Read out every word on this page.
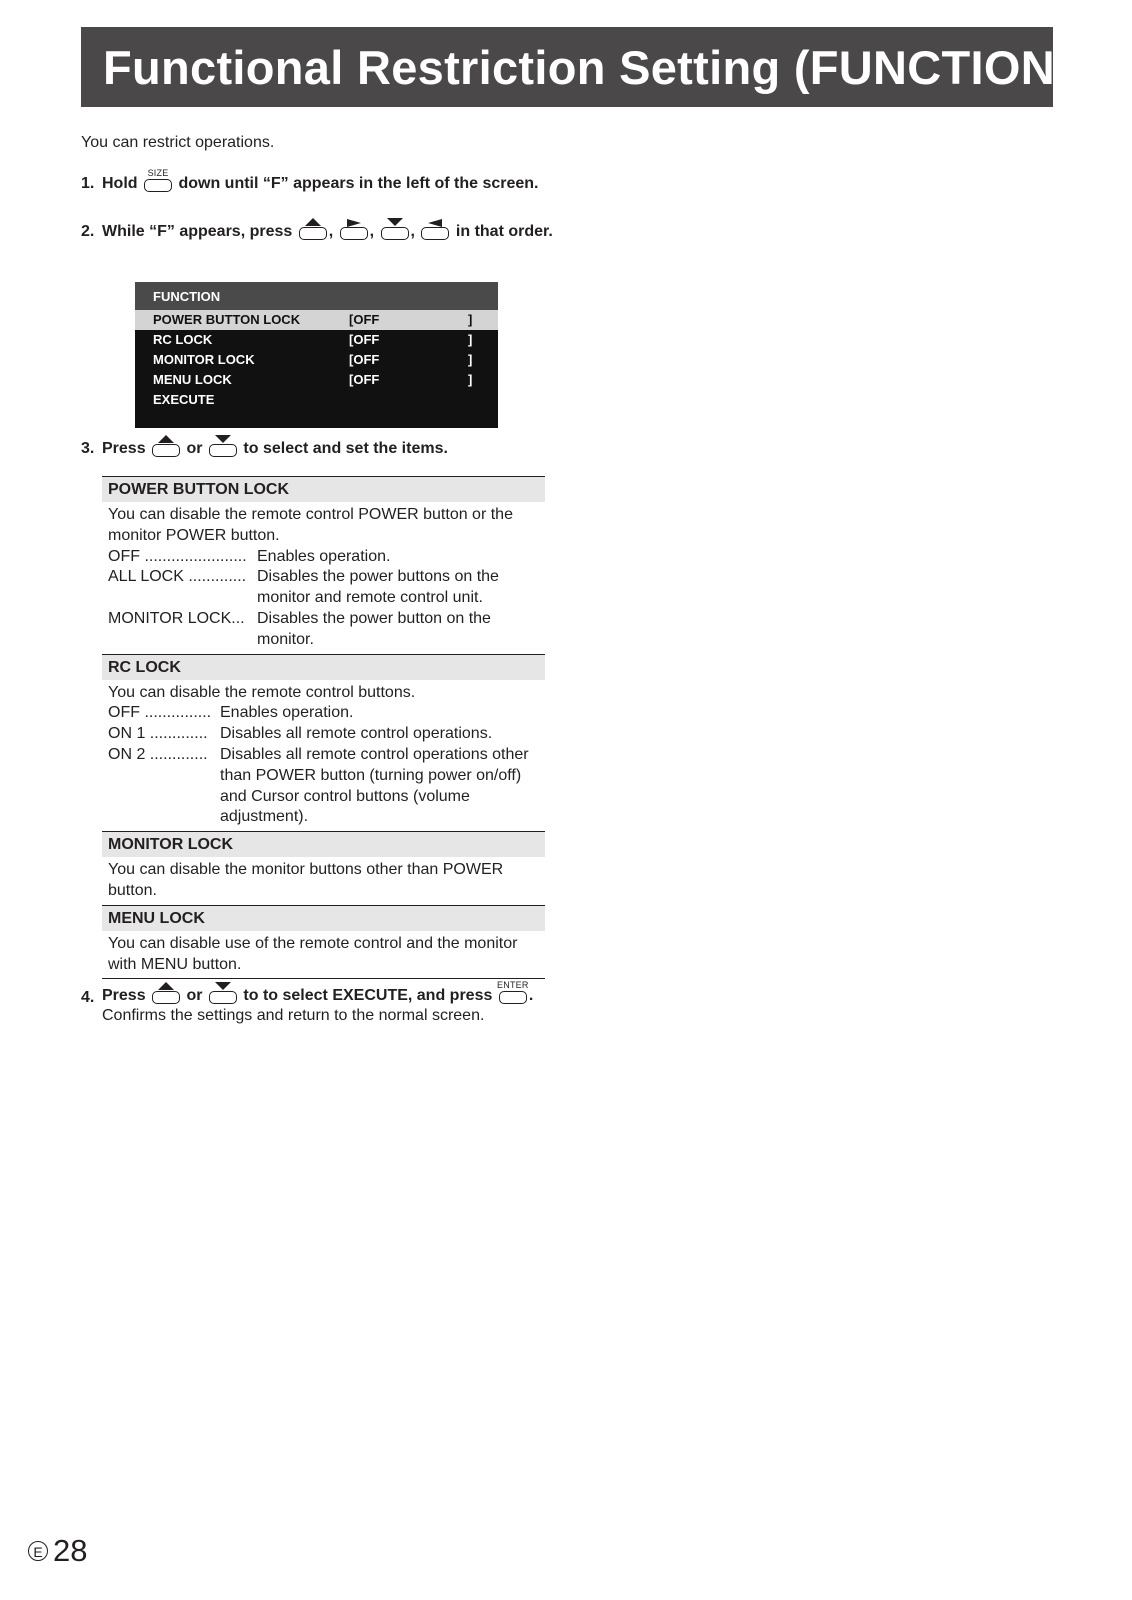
Functional Restriction Setting (FUNCTION)
You can restrict operations.
1. Hold
SIZE
down until “F” appears in the left of the screen.
2. While “F” appears, press , , ,	in that order.
FUNCTION
POWER BUTTON LOCK	[OFF	]
RC LOCK	[OFF	]
MONITOR LOCK	[OFF	]
MENU LOCK	[OFF	]
EXECUTE
3. Press	or	to select and set the items.
POWER BUTTON LOCK
You can disable the remote control POWER button or the monitor POWER button.
OFF ....................... Enables operation.
ALL LOCK ............. Disables the power buttons on the monitor and remote control unit.
MONITOR LOCK... Disables the power button on the monitor.
RC LOCK
You can disable the remote control buttons.
OFF ............... Enables operation.
ON 1 ............. Disables all remote control operations.
ON 2 ............. Disables all remote control operations other than POWER button (turning power on/off) and Cursor control buttons (volume adjustment).
MONITOR LOCK
You can disable the monitor buttons other than POWER button.
MENU LOCK
You can disable use of the remote control and the monitor with MENU button.
4. Press	or	to to select EXECUTE, and press
ENTER
.
Confirms the settings and return to the normal screen.
E 28
